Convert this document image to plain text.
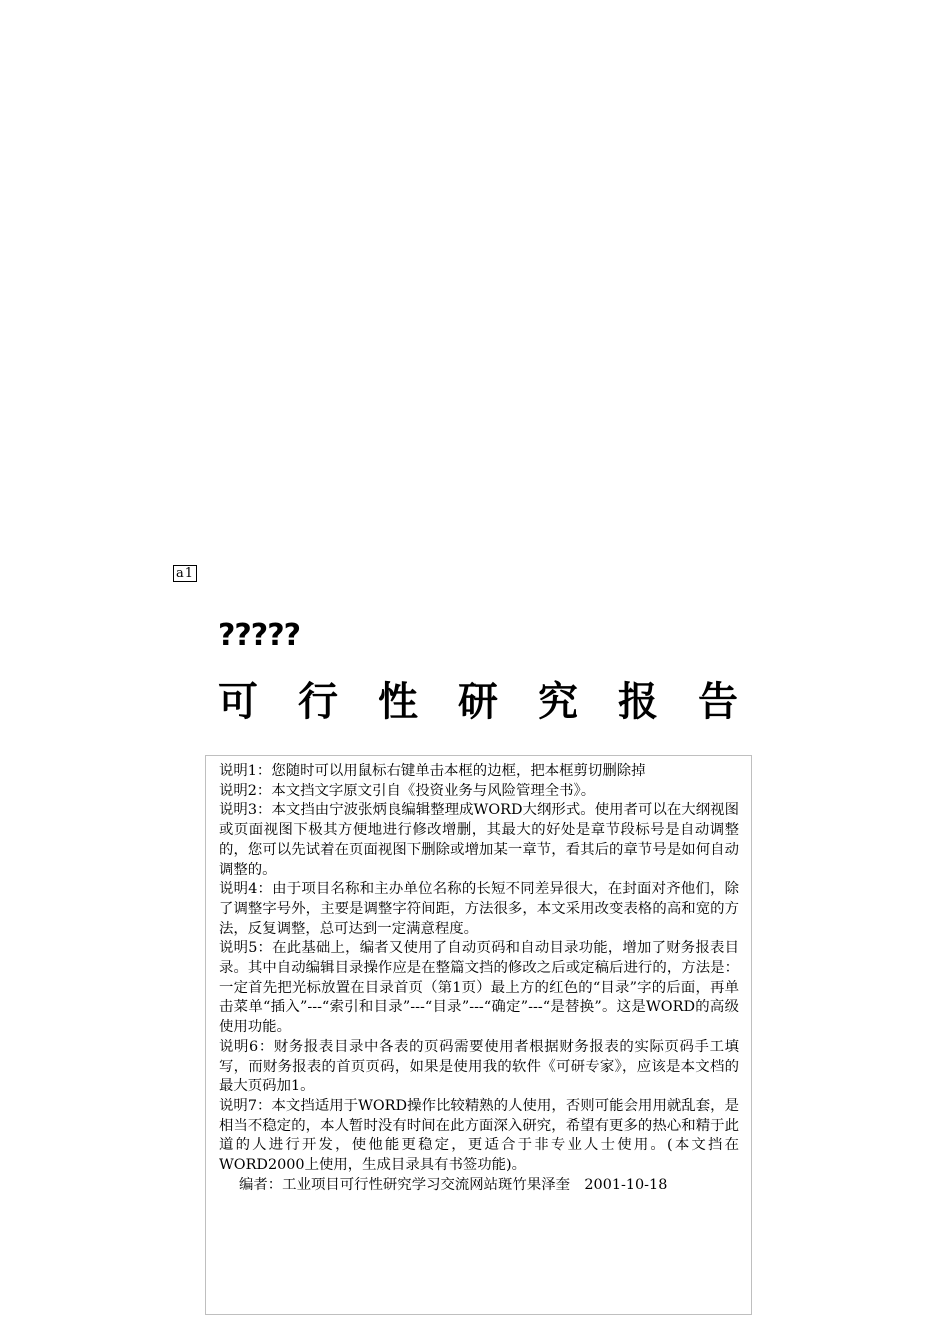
a1
?????
可 行 性 研 究 报 告

说明1：您随时可以用鼠标右键单击本框的边框，把本框剪切删除掉

说明2：本文挡文字原文引自《投资业务与风险管理全书》。

说明3：本文挡由宁波张炳良编辑整理成WORD大纲形式。使用者可以在大纲视图或页面视图下极其方便地进行修改增删，其最大的好处是章节段标号是自动调整的，您可以先试着在页面视图下删除或增加某一章节，看其后的章节号是如何自动调整的。

说明4：由于项目名称和主办单位名称的长短不同差异很大，在封面对齐他们，除了调整字号外，主要是调整字符间距，方法很多，本文采用改变表格的高和宽的方法，反复调整，总可达到一定满意程度。

说明5：在此基础上，编者又使用了自动页码和自动目录功能，增加了财务报表目录。其中自动编辑目录操作应是在整篇文挡的修改之后或定稿后进行的，方法是：一定首先把光标放置在目录首页（第1页）最上方的红色的“目录”字的后面，再单击菜单“插入”---“索引和目录”---“目录”---“确定”---“是替换”。这是WORD的高级使用功能。

说明6：财务报表目录中各表的页码需要使用者根据财务报表的实际页码手工填写，而财务报表的首页页码，如果是使用我的软件《可研专家》，应该是本文档的最大页码加1。

说明7：本文挡适用于WORD操作比较精熟的人使用，否则可能会用用就乱套，是相当不稳定的，本人暂时没有时间在此方面深入研究，希望有更多的热心和精于此道的人进行开发，使他能更稳定，更适合于非专业人士使用。(本文挡在WORD2000上使用，生成目录具有书签功能)。

编者：工业项目可行性研究学习交流网站斑竹果泽奎　2001-10-18
